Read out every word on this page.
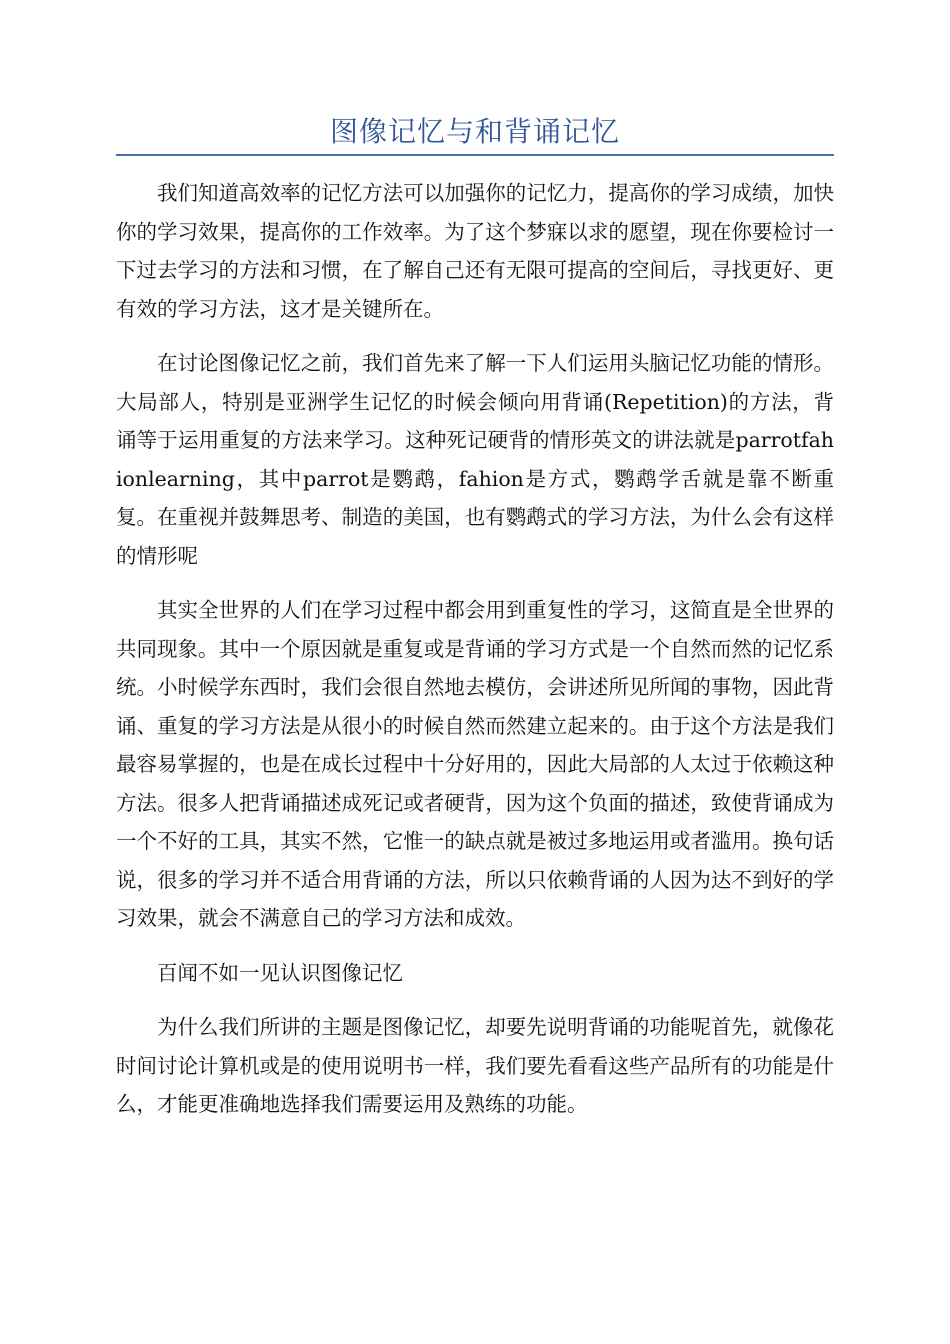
图像记忆与和背诵记忆

我们知道高效率的记忆方法可以加强你的记忆力，提高你的学习成绩，加快你的学习效果，提高你的工作效率。为了这个梦寐以求的愿望，现在你要检讨一下过去学习的方法和习惯，在了解自己还有无限可提高的空间后，寻找更好、更有效的学习方法，这才是关键所在。

在讨论图像记忆之前，我们首先来了解一下人们运用头脑记忆功能的情形。大局部人，特别是亚洲学生记忆的时候会倾向用背诵(Repetition)的方法，背诵等于运用重复的方法来学习。这种死记硬背的情形英文的讲法就是parrotfahionlearning，其中parrot是鹦鹉，fahion是方式，鹦鹉学舌就是靠不断重复。在重视并鼓舞思考、制造的美国，也有鹦鹉式的学习方法，为什么会有这样的情形呢

其实全世界的人们在学习过程中都会用到重复性的学习，这简直是全世界的共同现象。其中一个原因就是重复或是背诵的学习方式是一个自然而然的记忆系统。小时候学东西时，我们会很自然地去模仿，会讲述所见所闻的事物，因此背诵、重复的学习方法是从很小的时候自然而然建立起来的。由于这个方法是我们最容易掌握的，也是在成长过程中十分好用的，因此大局部的人太过于依赖这种方法。很多人把背诵描述成死记或者硬背，因为这个负面的描述，致使背诵成为一个不好的工具，其实不然，它惟一的缺点就是被过多地运用或者滥用。换句话说，很多的学习并不适合用背诵的方法，所以只依赖背诵的人因为达不到好的学习效果，就会不满意自己的学习方法和成效。

百闻不如一见认识图像记忆

为什么我们所讲的主题是图像记忆，却要先说明背诵的功能呢首先，就像花时间讨论计算机或是的使用说明书一样，我们要先看看这些产品所有的功能是什么，才能更准确地选择我们需要运用及熟练的功能。
